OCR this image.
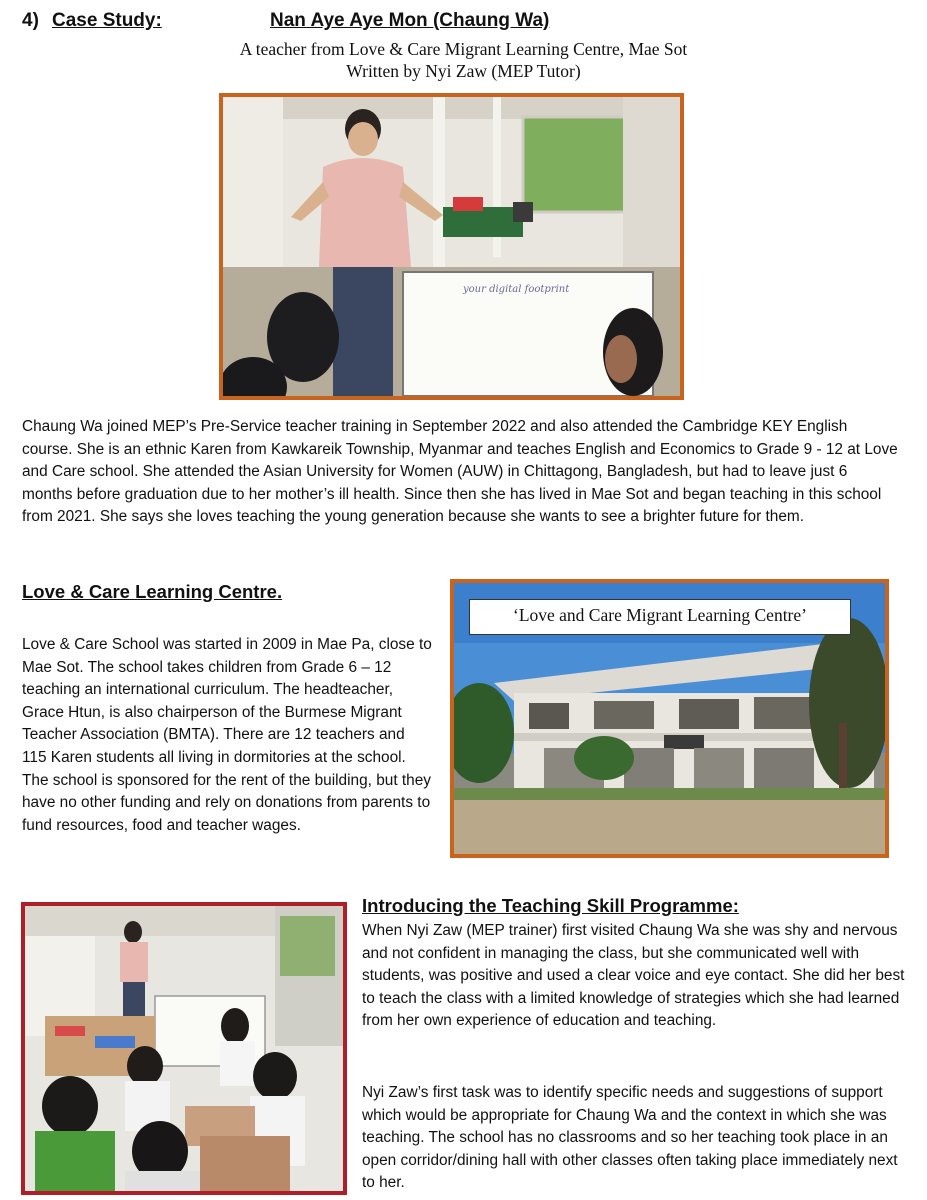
4) Case Study:	Nan Aye Aye Mon (Chaung Wa)
A teacher from Love & Care Migrant Learning Centre, Mae Sot
Written by Nyi Zaw (MEP Tutor)
your digital footprint
Chaung Wa joined MEP’s Pre-Service teacher training in September 2022 and also attended the Cambridge KEY English course. She is an ethnic Karen from Kawkareik Township, Myanmar and teaches English and Economics to Grade 9 - 12 at Love and Care school. She attended the Asian University for Women (AUW) in Chittagong, Bangladesh, but had to leave just 6 months before graduation due to her mother’s ill health. Since then she has lived in Mae Sot and began teaching in this school from 2021. She says she loves teaching the young generation because she wants to see a brighter future for them.
Love & Care Learning Centre.
Love & Care School was started in 2009 in Mae Pa, close to Mae Sot. The school takes children from Grade 6 – 12 teaching an international curriculum. The headteacher, Grace Htun, is also chairperson of the Burmese Migrant Teacher Association (BMTA). There are 12 teachers and 115 Karen students all living in dormitories at the school. The school is sponsored for the rent of the building, but they have no other funding and rely on donations from parents to fund resources, food and teacher wages.
‘Love and Care Migrant Learning Centre’
Introducing the Teaching Skill Programme:
When Nyi Zaw (MEP trainer) first visited Chaung Wa she was shy and nervous and not confident in managing the class, but she communicated well with students, was positive and used a clear voice and eye contact. She did her best to teach the class with a limited knowledge of strategies which she had learned from her own experience of education and teaching.
Nyi Zaw’s first task was to identify specific needs and suggestions of support which would be appropriate for Chaung Wa and the context in which she was teaching. The school has no classrooms and so her teaching took place in an open corridor/dining hall with other classes often taking place immediately next to her.
